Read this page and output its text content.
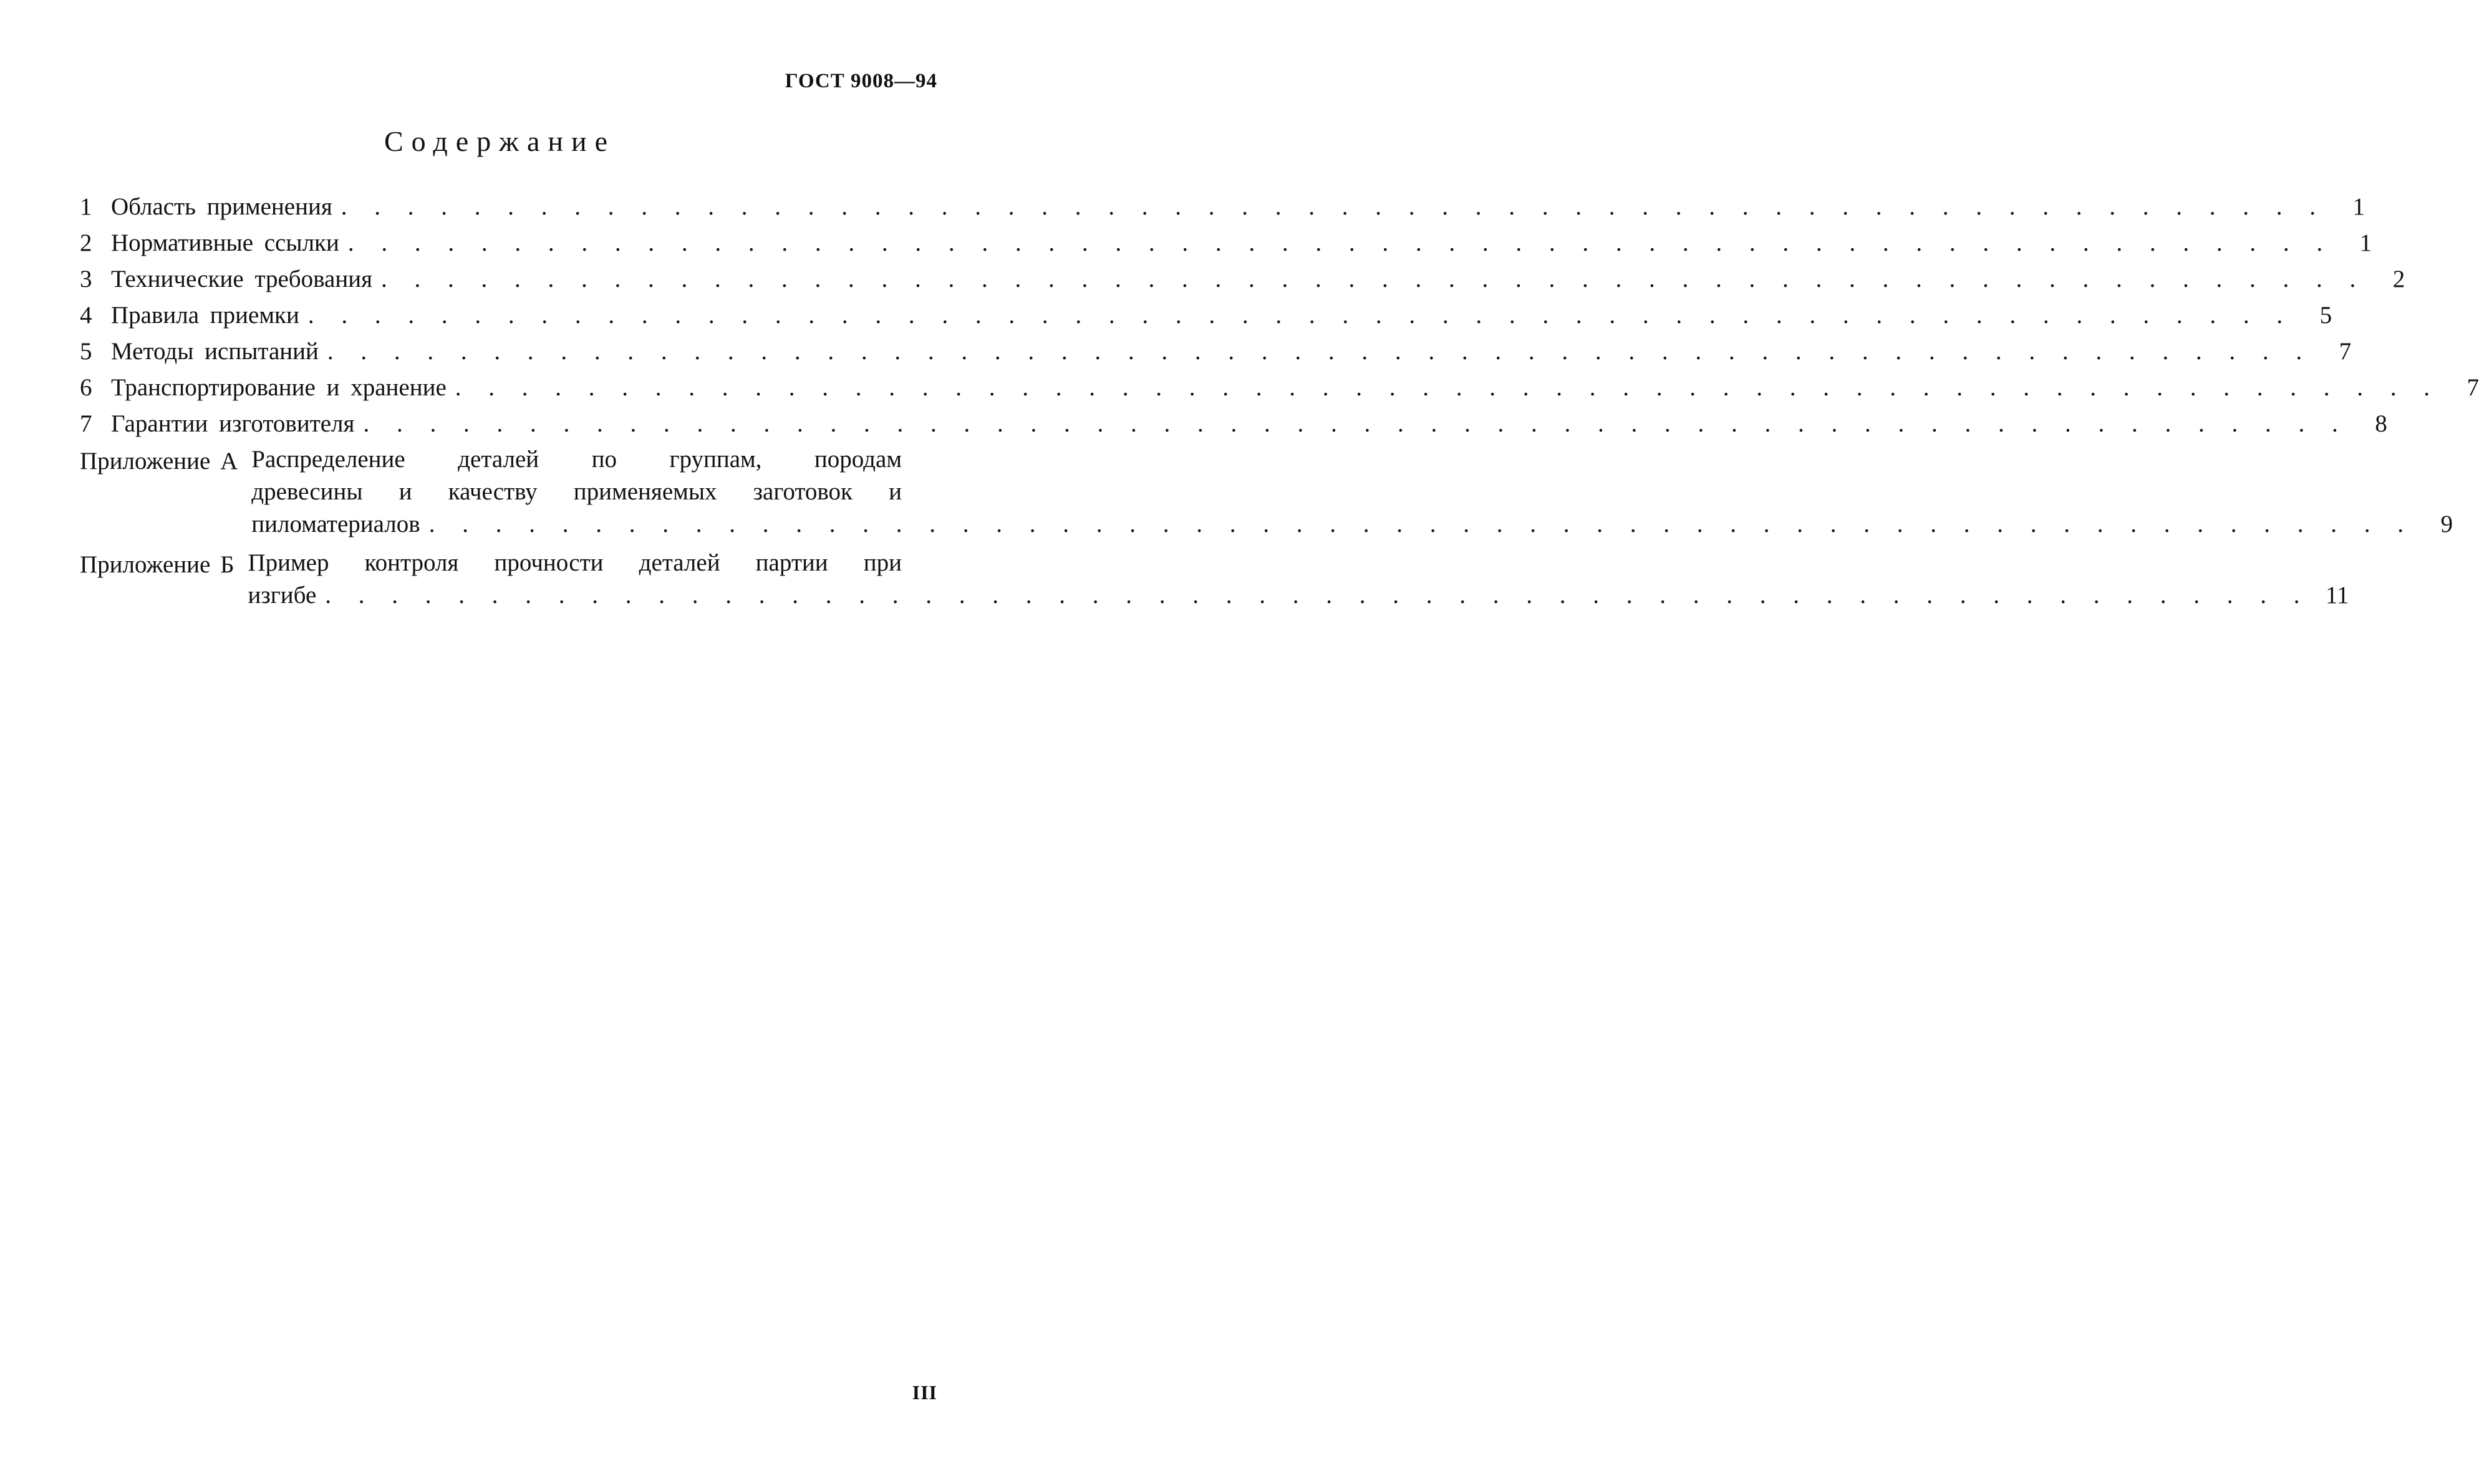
ГОСТ 9008—94
Содержание
1 Область применения . . . . . . . . . . . . . . . . . . . . . . . . . . . . . . . . . . . . . . . . . . . . . . . . . . . . . . . . . . . .	1
2 Нормативные ссылки . . . . . . . . . . . . . . . . . . . . . . . . . . . . . . . . . . . . . . . . . . . . . . . . . . . . . . . . . . . .	1
3 Технические требования . . . . . . . . . . . . . . . . . . . . . . . . . . . . . . . . . . . . . . . . . . . . . . . . . . . . . . . . . . . .	2
4 Правила приемки . . . . . . . . . . . . . . . . . . . . . . . . . . . . . . . . . . . . . . . . . . . . . . . . . . . . . . . . . . . .	5
5 Методы испытаний . . . . . . . . . . . . . . . . . . . . . . . . . . . . . . . . . . . . . . . . . . . . . . . . . . . . . . . . . . . .	7
6 Транспортирование и хранение . . . . . . . . . . . . . . . . . . . . . . . . . . . . . . . . . . . . . . . . . . . . . . . . . . . . . . . . . . . .	7
7 Гарантии изготовителя . . . . . . . . . . . . . . . . . . . . . . . . . . . . . . . . . . . . . . . . . . . . . . . . . . . . . . . . . . . .	8
Приложение А Распределение деталей по группам, породам
древесины и качеству применяемых заготовок и
пиломатериалов . . . . . . . . . . . . . . . . . . . . . . . . . . . . . . . . . . . . . . . . . . . . . . . . . . . . . . . . . . . .	9
Приложение Б Пример контроля прочности деталей партии при
изгибе . . . . . . . . . . . . . . . . . . . . . . . . . . . . . . . . . . . . . . . . . . . . . . . . . . . . . . . . . . . . 11
III
